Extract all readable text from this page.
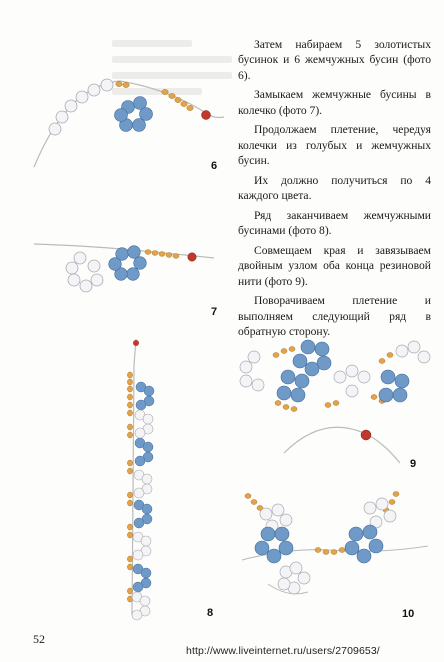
Затем набираем 5 золотистых бусинок и 6 жемчужных бусин (фото 6).

Замыкаем жемчужные бусины в колечко (фото 7).

Продолжаем плетение, чередуя колечки из голубых и жемчужных бусин.

Их должно получиться по 4 каждого цвета.

Ряд заканчиваем жемчужными бусинами (фото 8).

Совмещаем края и завязываем двойным узлом оба конца резиновой нити (фото 9).

Поворачиваем плетение и выполняем следующий ряд в обратную сторону.

6
7
8
9
10
52
http://www.liveinternet.ru/users/2709653/
